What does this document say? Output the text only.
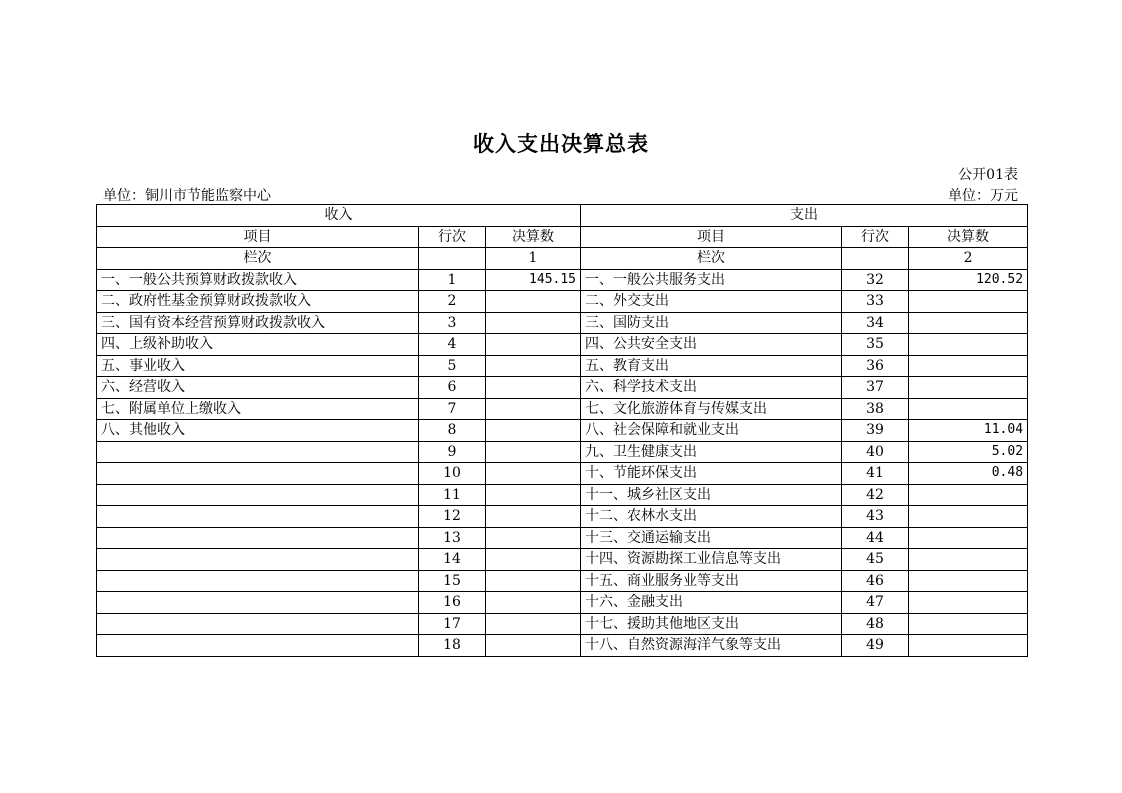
收入支出决算总表
公开01表
单位：铜川市节能监察中心	单位：万元
收入			支出		
项目	行次	决算数	项目	行次	决算数
栏次		1	栏次		2
一、一般公共预算财政拨款收入	1	145.15	一、一般公共服务支出	32	120.52
二、政府性基金预算财政拨款收入	2		二、外交支出	33	
三、国有资本经营预算财政拨款收入	3		三、国防支出	34	
四、上级补助收入	4		四、公共安全支出	35	
五、事业收入	5		五、教育支出	36	
六、经营收入	6		六、科学技术支出	37	
七、附属单位上缴收入	7		七、文化旅游体育与传媒支出	38	
八、其他收入	8		八、社会保障和就业支出	39	11.04
	9		九、卫生健康支出	40	5.02
	10		十、节能环保支出	41	0.48
	11		十一、城乡社区支出	42	
	12		十二、农林水支出	43	
	13		十三、交通运输支出	44	
	14		十四、资源勘探工业信息等支出	45	
	15		十五、商业服务业等支出	46	
	16		十六、金融支出	47	
	17		十七、援助其他地区支出	48	
	18		十八、自然资源海洋气象等支出	49	
